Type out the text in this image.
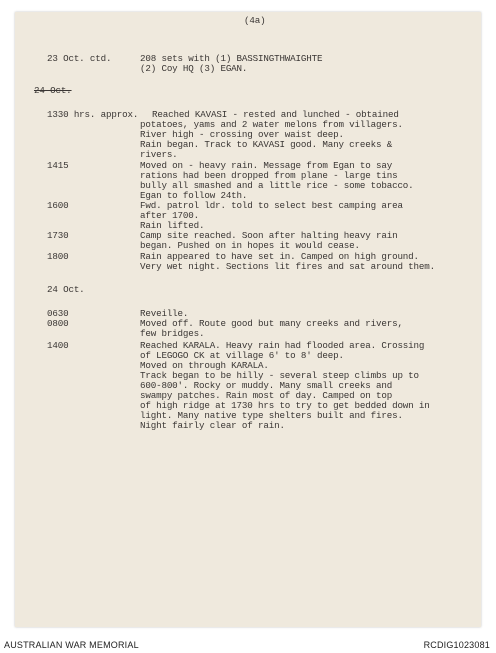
(4a)
23 Oct. ctd.	208 sets with (1) BASSINGTHWAIGHTE
(2) Coy HQ (3) EGAN.
24 Oct.
1330 hrs. approx. Reached KAVASI - rested and lunched - obtained
potatoes, yams and 2 water melons from villagers.
River high - crossing over waist deep.
Rain began. Track to KAVASI good. Many creeks &
rivers.
1415	Moved on - heavy rain. Message from Egan to say
rations had been dropped from plane - large tins
bully all smashed and a little rice - some tobacco.
Egan to follow 24th.
1600	Fwd. patrol ldr. told to select best camping area
after 1700.
Rain lifted.
1730	Camp site reached. Soon after halting heavy rain
began. Pushed on in hopes it would cease.
1800	Rain appeared to have set in. Camped on high ground.
Very wet night. Sections lit fires and sat around them.
24 Oct.
0630	Reveille.
0800	Moved off. Route good but many creeks and rivers,
few bridges.
1400	Reached KARALA. Heavy rain had flooded area. Crossing
of LEGOGO CK at village 6' to 8' deep.
Moved on through KARALA.
Track began to be hilly - several steep climbs up to
600-800'. Rocky or muddy. Many small creeks and
swampy patches. Rain most of day. Camped on top
of high ridge at 1730 hrs to try to get bedded down in
light. Many native type shelters built and fires.
Night fairly clear of rain.
AUSTRALIAN WAR MEMORIAL	RCDIG1023081
